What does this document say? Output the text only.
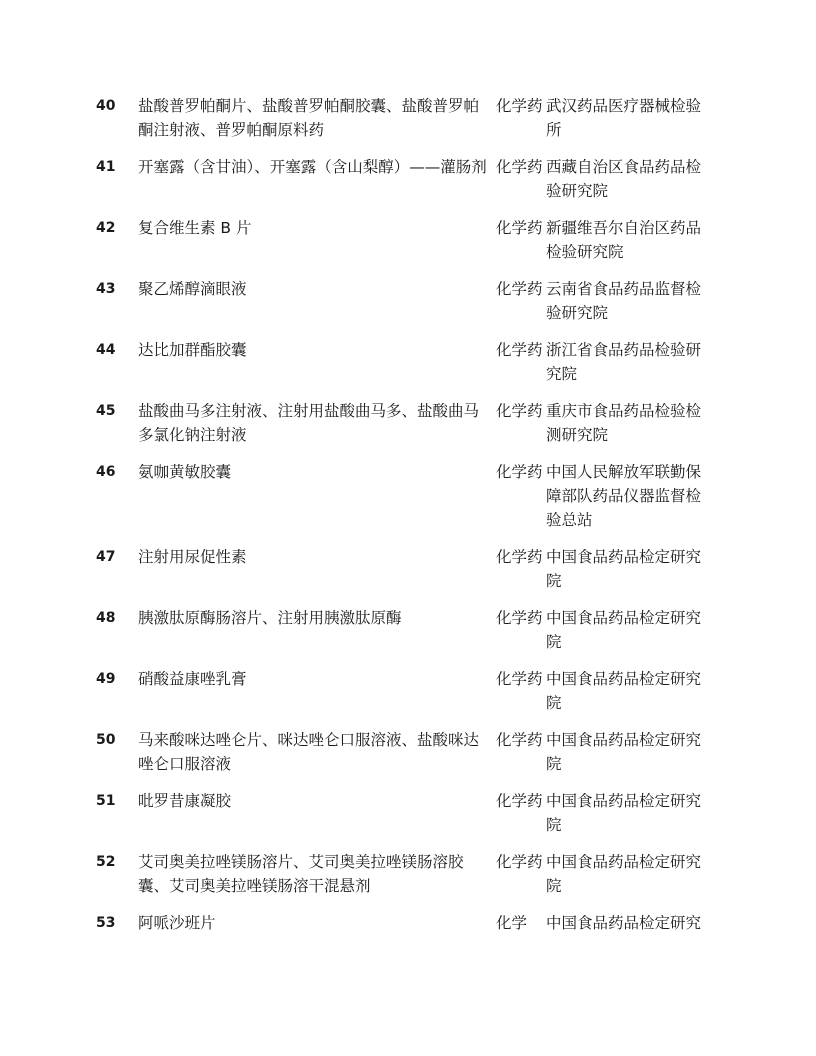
40	盐酸普罗帕酮片、盐酸普罗帕酮胶囊、盐酸普罗帕酮注射液、普罗帕酮原料药	化学药	武汉药品医疗器械检验所
41	开塞露（含甘油）、开塞露（含山梨醇）——灌肠剂	化学药	西藏自治区食品药品检验研究院
42	复合维生素 B 片	化学药	新疆维吾尔自治区药品检验研究院
43	聚乙烯醇滴眼液	化学药	云南省食品药品监督检验研究院
44	达比加群酯胶囊	化学药	浙江省食品药品检验研究院
45	盐酸曲马多注射液、注射用盐酸曲马多、盐酸曲马多氯化钠注射液	化学药	重庆市食品药品检验检测研究院
46	氨咖黄敏胶囊	化学药	中国人民解放军联勤保障部队药品仪器监督检验总站
47	注射用尿促性素	化学药	中国食品药品检定研究院
48	胰激肽原酶肠溶片、注射用胰激肽原酶	化学药	中国食品药品检定研究院
49	硝酸益康唑乳膏	化学药	中国食品药品检定研究院
50	马来酸咪达唑仑片、咪达唑仑口服溶液、盐酸咪达唑仑口服溶液	化学药	中国食品药品检定研究院
51	吡罗昔康凝胶	化学药	中国食品药品检定研究院
52	艾司奥美拉唑镁肠溶片、艾司奥美拉唑镁肠溶胶囊、艾司奥美拉唑镁肠溶干混悬剂	化学药	中国食品药品检定研究院
53	阿哌沙班片	化学	中国食品药品检定研究
